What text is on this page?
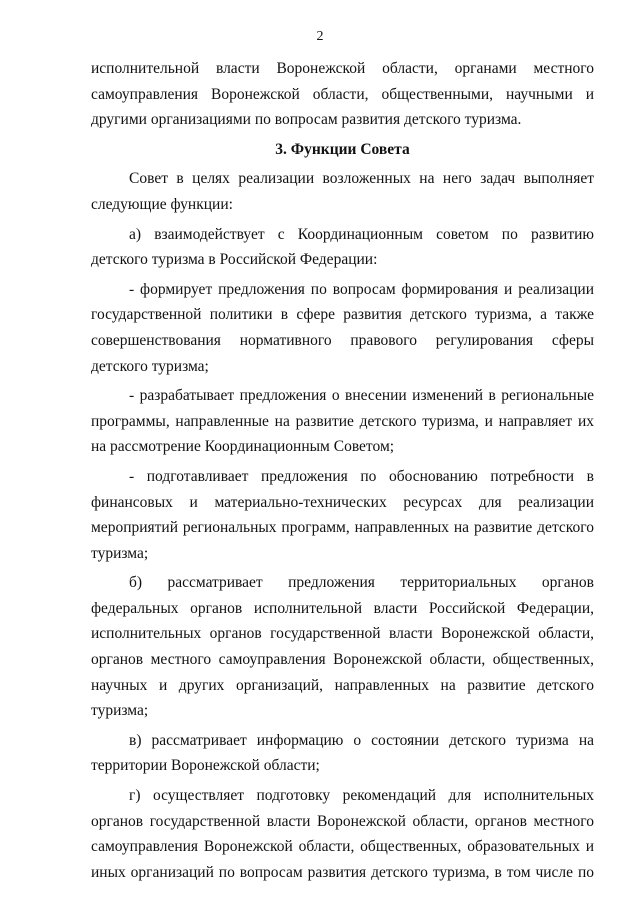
2

исполнительной власти Воронежской области, органами местного самоуправления Воронежской области, общественными, научными и другими организациями по вопросам развития детского туризма.

3. Функции Совета

Совет в целях реализации возложенных на него задач выполняет следующие функции:

а) взаимодействует с Координационным советом по развитию детского туризма в Российской Федерации:

- формирует предложения по вопросам формирования и реализации государственной политики в сфере развития детского туризма, а также совершенствования нормативного правового регулирования сферы детского туризма;

- разрабатывает предложения о внесении изменений в региональные программы, направленные на развитие детского туризма, и направляет их на рассмотрение Координационным Советом;

- подготавливает предложения по обоснованию потребности в финансовых и материально-технических ресурсах для реализации мероприятий региональных программ, направленных на развитие детского туризма;

б) рассматривает предложения территориальных органов федеральных органов исполнительной власти Российской Федерации, исполнительных органов государственной власти Воронежской области, органов местного самоуправления Воронежской области, общественных, научных и других организаций, направленных на развитие детского туризма;

в) рассматривает информацию о состоянии детского туризма на территории Воронежской области;

г) осуществляет подготовку рекомендаций для исполнительных органов государственной власти Воронежской области, органов местного самоуправления Воронежской области, общественных, образовательных и иных организаций по вопросам развития детского туризма, в том числе по
